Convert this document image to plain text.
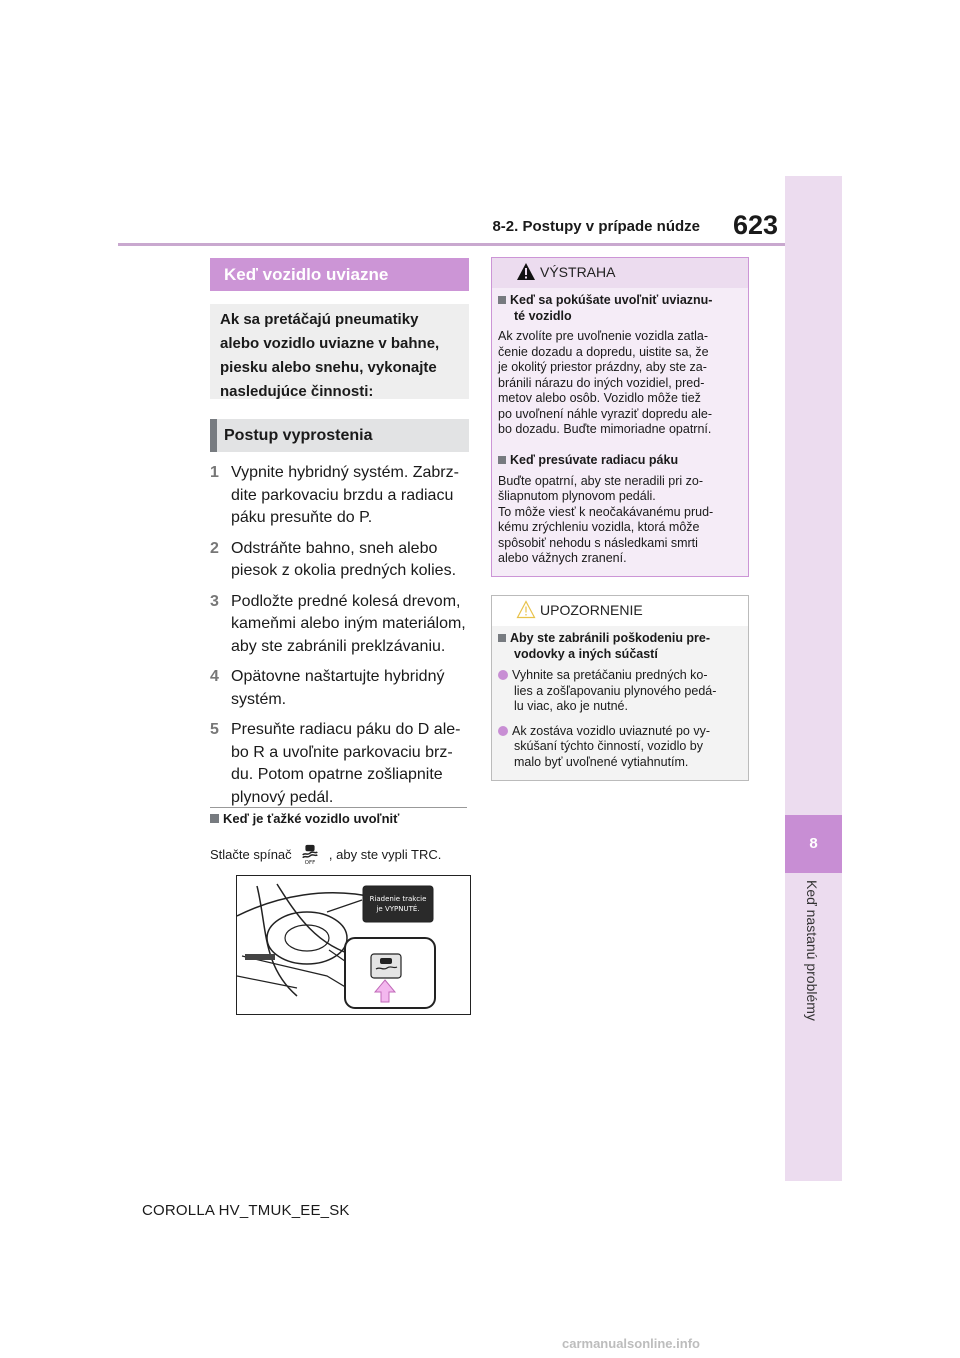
8-2. Postupy v prípade núdze	623
8
Keď nastanú problémy
Keď vozidlo uviazne
Ak sa pretáčajú pneumatiky
alebo vozidlo uviazne v bahne,
piesku alebo snehu, vykonajte
nasledujúce činnosti:
Postup vyprostenia
1 Vypnite hybridný systém. Zabrz-
dite parkovaciu brzdu a radiacu
páku presuňte do P.
2 Odstráňte bahno, sneh alebo
piesok z okolia predných kolies.
3 Podložte predné kolesá drevom,
kameňmi alebo iným materiálom,
aby ste zabránili preklzávaniu.
4 Opätovne naštartujte hybridný
systém.
5 Presuňte radiacu páku do D ale-
bo R a uvoľnite parkovaciu brz-
du. Potom opatrne zošliapnite
plynový pedál.
Keď je ťažké vozidlo uvoľniť
Stlačte spínač
OFF
, aby ste vypli TRC.
Riadenie trakcie
je VYPNUTÉ.
VÝSTRAHA
Keď sa pokúšate uvoľniť uviaznu-
té vozidlo
Ak zvolíte pre uvoľnenie vozidla zatla-
čenie dozadu a dopredu, uistite sa, že
je okolitý priestor prázdny, aby ste za-
bránili nárazu do iných vozidiel, pred-
metov alebo osôb. Vozidlo môže tiež
po uvoľnení náhle vyraziť dopredu ale-
bo dozadu. Buďte mimoriadne opatrní.
Keď presúvate radiacu páku
Buďte opatrní, aby ste neradili pri zo-
šliapnutom plynovom pedáli.
To môže viesť k neočakávanému prud-
kému zrýchleniu vozidla, ktorá môže
spôsobiť nehodu s následkami smrti
alebo vážnych zranení.
UPOZORNENIE
Aby ste zabránili poškodeniu pre-
vodovky a iných súčastí
Vyhnite sa pretáčaniu predných ko-
lies a zošľapovaniu plynového pedá-
lu viac, ako je nutné.
Ak zostáva vozidlo uviaznuté po vy-
skúšaní týchto činností, vozidlo by
malo byť uvoľnené vytiahnutím.
COROLLA HV_TMUK_EE_SK
carmanualsonline.info
